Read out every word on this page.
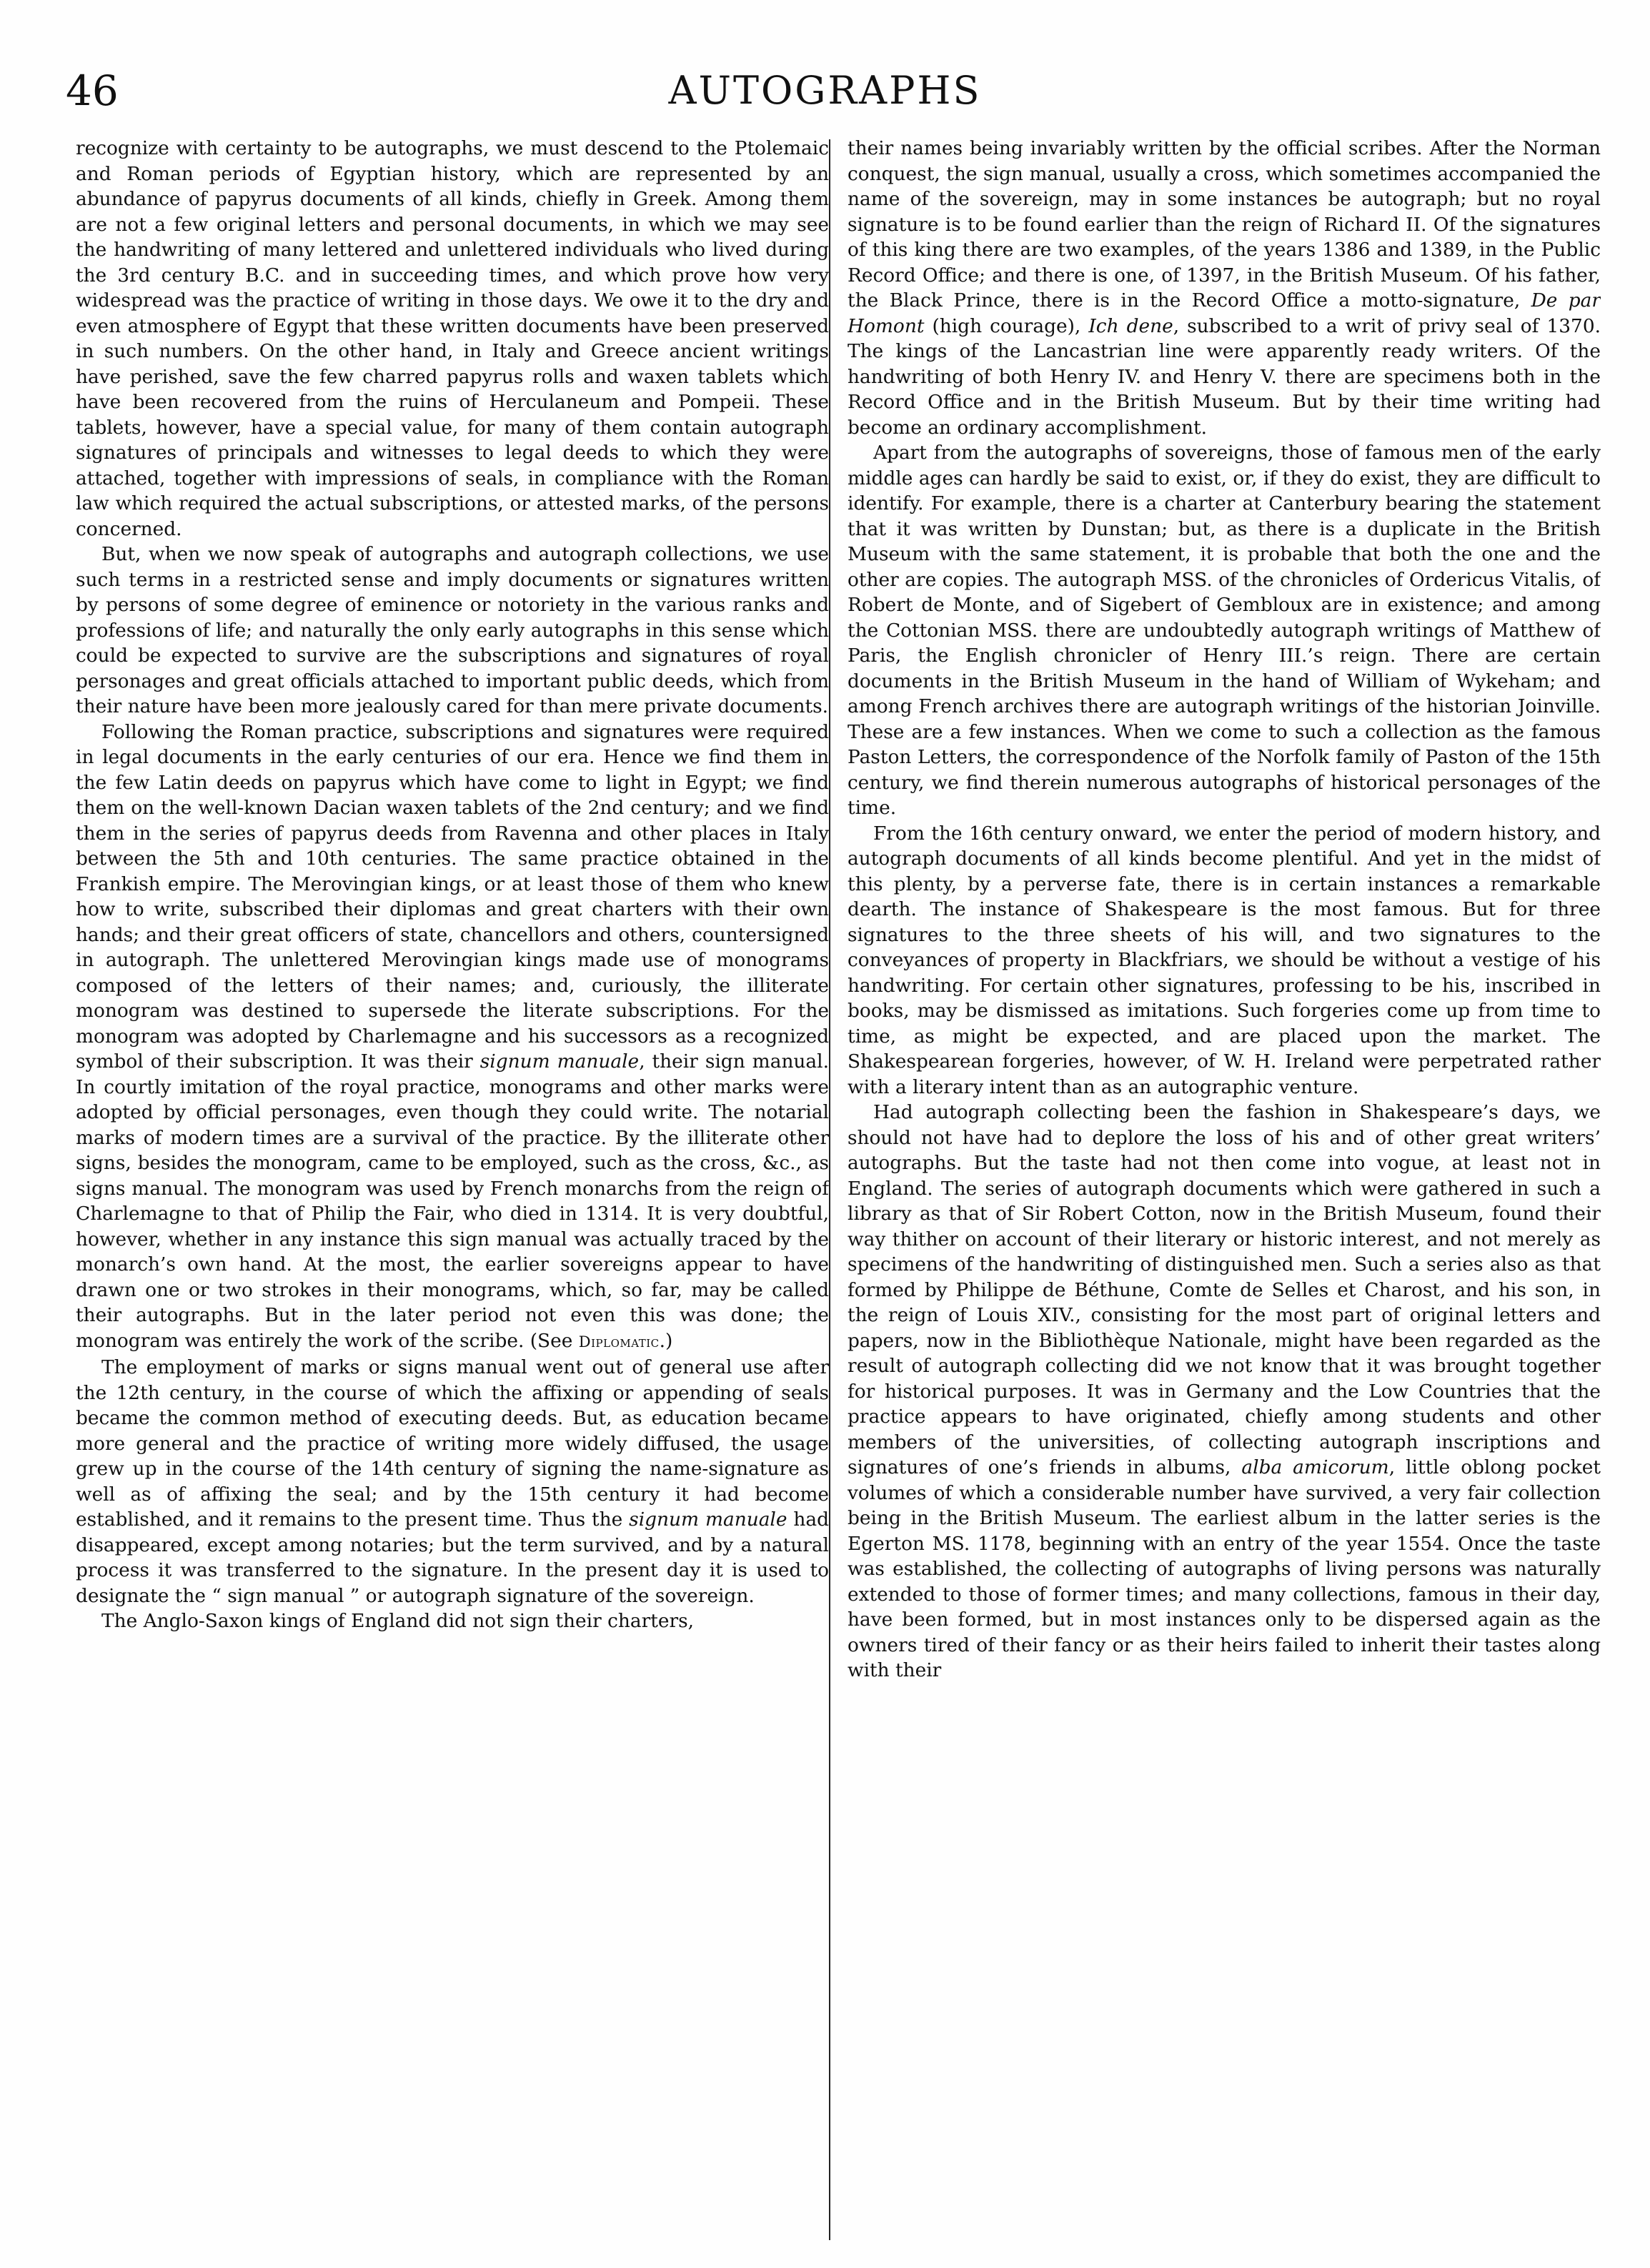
46	AUTOGRAPHS

recognize with certainty to be autographs, we must descend to the Ptolemaic and Roman periods of Egyptian history, which are represented by an abundance of papyrus documents of all kinds, chiefly in Greek. Among them are not a few original letters and personal documents, in which we may see the handwriting of many lettered and unlettered individuals who lived during the 3rd century B.C. and in succeeding times, and which prove how very widespread was the practice of writing in those days. We owe it to the dry and even atmosphere of Egypt that these written documents have been preserved in such numbers. On the other hand, in Italy and Greece ancient writings have perished, save the few charred papyrus rolls and waxen tablets which have been recovered from the ruins of Herculaneum and Pompeii. These tablets, however, have a special value, for many of them contain autograph signatures of principals and witnesses to legal deeds to which they were attached, together with impressions of seals, in compliance with the Roman law which required the actual subscriptions, or attested marks, of the persons concerned.

But, when we now speak of autographs and autograph collections, we use such terms in a restricted sense and imply documents or signatures written by persons of some degree of eminence or notoriety in the various ranks and professions of life; and naturally the only early autographs in this sense which could be expected to survive are the subscriptions and signatures of royal personages and great officials attached to important public deeds, which from their nature have been more jealously cared for than mere private documents.

Following the Roman practice, subscriptions and signatures were required in legal documents in the early centuries of our era. Hence we find them in the few Latin deeds on papyrus which have come to light in Egypt; we find them on the well-known Dacian waxen tablets of the 2nd century; and we find them in the series of papyrus deeds from Ravenna and other places in Italy between the 5th and 10th centuries. The same practice obtained in the Frankish empire. The Merovingian kings, or at least those of them who knew how to write, subscribed their diplomas and great charters with their own hands; and their great officers of state, chancellors and others, countersigned in autograph. The unlettered Merovingian kings made use of monograms composed of the letters of their names; and, curiously, the illiterate monogram was destined to supersede the literate subscriptions. For the monogram was adopted by Charlemagne and his successors as a recognized symbol of their subscription. It was their signum manuale, their sign manual. In courtly imitation of the royal practice, monograms and other marks were adopted by official personages, even though they could write. The notarial marks of modern times are a survival of the practice. By the illiterate other signs, besides the monogram, came to be employed, such as the cross, &c., as signs manual. The monogram was used by French monarchs from the reign of Charlemagne to that of Philip the Fair, who died in 1314. It is very doubtful, however, whether in any instance this sign manual was actually traced by the monarch’s own hand. At the most, the earlier sovereigns appear to have drawn one or two strokes in their monograms, which, so far, may be called their autographs. But in the later period not even this was done; the monogram was entirely the work of the scribe. (See Diplomatic.)

The employment of marks or signs manual went out of general use after the 12th century, in the course of which the affixing or appending of seals became the common method of executing deeds. But, as education became more general and the practice of writing more widely diffused, the usage grew up in the course of the 14th century of signing the name-signature as well as of affixing the seal; and by the 15th century it had become established, and it remains to the present time. Thus the signum manuale had disappeared, except among notaries; but the term survived, and by a natural process it was transferred to the signature. In the present day it is used to designate the “ sign manual ” or autograph signature of the sovereign.

The Anglo-Saxon kings of England did not sign their charters,

their names being invariably written by the official scribes. After the Norman conquest, the sign manual, usually a cross, which sometimes accompanied the name of the sovereign, may in some instances be autograph; but no royal signature is to be found earlier than the reign of Richard II. Of the signatures of this king there are two examples, of the years 1386 and 1389, in the Public Record Office; and there is one, of 1397, in the British Museum. Of his father, the Black Prince, there is in the Record Office a motto-signature, De par Homont (high courage), Ich dene, subscribed to a writ of privy seal of 1370. The kings of the Lancastrian line were apparently ready writers. Of the handwriting of both Henry IV. and Henry V. there are specimens both in the Record Office and in the British Museum. But by their time writing had become an ordinary accomplishment.

Apart from the autographs of sovereigns, those of famous men of the early middle ages can hardly be said to exist, or, if they do exist, they are difficult to identify. For example, there is a charter at Canterbury bearing the statement that it was written by Dunstan; but, as there is a duplicate in the British Museum with the same statement, it is probable that both the one and the other are copies. The autograph MSS. of the chronicles of Ordericus Vitalis, of Robert de Monte, and of Sigebert of Gembloux are in existence; and among the Cottonian MSS. there are undoubtedly autograph writings of Matthew of Paris, the English chronicler of Henry III.’s reign. There are certain documents in the British Museum in the hand of William of Wykeham; and among French archives there are autograph writings of the historian Joinville. These are a few instances. When we come to such a collection as the famous Paston Letters, the correspondence of the Norfolk family of Paston of the 15th century, we find therein numerous autographs of historical personages of the time.

From the 16th century onward, we enter the period of modern history, and autograph documents of all kinds become plentiful. And yet in the midst of this plenty, by a perverse fate, there is in certain instances a remarkable dearth. The instance of Shakespeare is the most famous. But for three signatures to the three sheets of his will, and two signatures to the conveyances of property in Blackfriars, we should be without a vestige of his handwriting. For certain other signatures, professing to be his, inscribed in books, may be dismissed as imitations. Such forgeries come up from time to time, as might be expected, and are placed upon the market. The Shakespearean forgeries, however, of W. H. Ireland were perpetrated rather with a literary intent than as an autographic venture.

Had autograph collecting been the fashion in Shakespeare’s days, we should not have had to deplore the loss of his and of other great writers’ autographs. But the taste had not then come into vogue, at least not in England. The series of autograph documents which were gathered in such a library as that of Sir Robert Cotton, now in the British Museum, found their way thither on account of their literary or historic interest, and not merely as specimens of the handwriting of distinguished men. Such a series also as that formed by Philippe de Béthune, Comte de Selles et Charost, and his son, in the reign of Louis XIV., consisting for the most part of original letters and papers, now in the Bibliothèque Nationale, might have been regarded as the result of autograph collecting did we not know that it was brought together for historical purposes. It was in Germany and the Low Countries that the practice appears to have originated, chiefly among students and other members of the universities, of collecting autograph inscriptions and signatures of one’s friends in albums, alba amicorum, little oblong pocket volumes of which a considerable number have survived, a very fair collection being in the British Museum. The earliest album in the latter series is the Egerton MS. 1178, beginning with an entry of the year 1554. Once the taste was established, the collecting of autographs of living persons was naturally extended to those of former times; and many collections, famous in their day, have been formed, but in most instances only to be dispersed again as the owners tired of their fancy or as their heirs failed to inherit their tastes along with their
